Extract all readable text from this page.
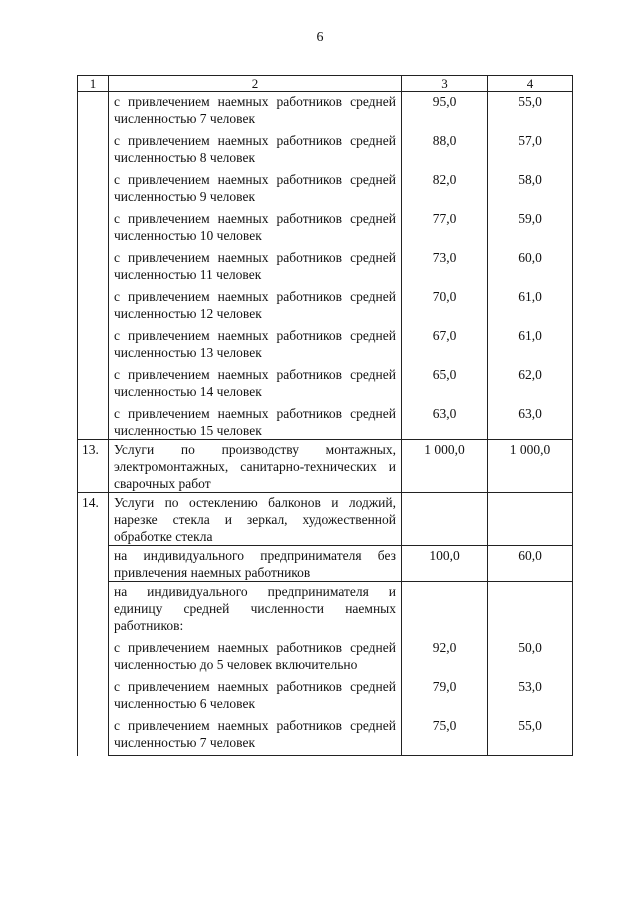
6
1	2	3	4

	с привлечением наемных работников средней численностью 7 человек	95,0	55,0

	с привлечением наемных работников средней численностью 8 человек	88,0	57,0

	с привлечением наемных работников средней численностью 9 человек	82,0	58,0

	с привлечением наемных работников средней численностью 10 человек	77,0	59,0

	с привлечением наемных работников средней численностью 11 человек	73,0	60,0

	с привлечением наемных работников средней численностью 12 человек	70,0	61,0

	с привлечением наемных работников средней численностью 13 человек	67,0	61,0

	с привлечением наемных работников средней численностью 14 человек	65,0	62,0

	с привлечением наемных работников средней численностью 15 человек	63,0	63,0
13.	Услуги по производству монтажных, электромонтажных, санитарно-технических и сварочных работ	1 000,0	1 000,0
14.	Услуги по остеклению балконов и лоджий, нарезке стекла и зеркал, художественной обработке стекла		

	на индивидуального предпринимателя без привлечения наемных работников	100,0	60,0

	на индивидуального предпринимателя и единицу средней численности наемных работников:		

	с привлечением наемных работников средней численностью до 5 человек включительно	92,0	50,0

	с привлечением наемных работников средней численностью 6 человек	79,0	53,0

	с привлечением наемных работников средней численностью 7 человек	75,0	55,0
